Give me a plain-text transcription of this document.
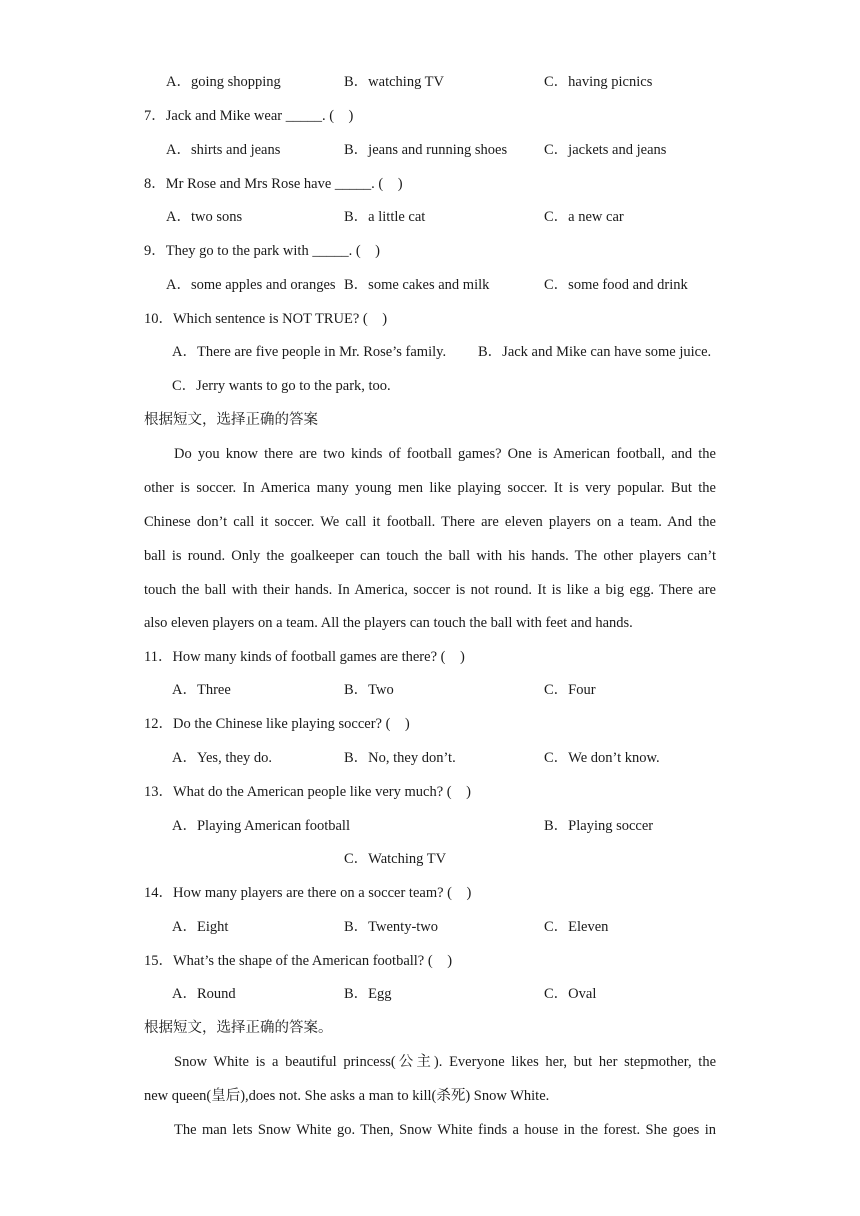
A．going shopping	B．watching TV	C．having picnics
7．Jack and Mike wear _____. (　)
A．shirts and jeans	B．jeans and running shoes	C．jackets and jeans
8．Mr Rose and Mrs Rose have _____. (　)
A．two sons	B．a little cat	C．a new car
9．They go to the park with _____. (　)
A．some apples and oranges B．some cakes and milk	C．some food and drink
10．Which sentence is NOT TRUE? (　)
A．There are five people in Mr. Rose’s family. B．Jack and Mike can have some juice.
C．Jerry wants to go to the park, too.
根据短文，选择正确的答案
Do you know there are two kinds of football games? One is American football, and the
other is soccer. In America many young men like playing soccer. It is very popular. But the
Chinese don’t call it soccer. We call it football. There are eleven players on a team. And the
ball is round. Only the goalkeeper can touch the ball with his hands. The other players can’t
touch the ball with their hands. In America, soccer is not round. It is like a big egg. There are
also eleven players on a team. All the players can touch the ball with feet and hands.
11．How many kinds of football games are there? (　)
A．Three	B．Two	C．Four
12．Do the Chinese like playing soccer? (　)
A．Yes, they do.	B．No, they don’t.	C．We don’t know.
13．What do the American people like very much? (　)
A．Playing American football	B．Playing soccer
C．Watching TV
14．How many players are there on a soccer team? (　)
A．Eight	B．Twenty-two	C．Eleven
15．What’s the shape of the American football? (　)
A．Round	B．Egg	C．Oval
根据短文，选择正确的答案。
Snow White is a beautiful princess(公主). Everyone likes her, but her stepmother, the
new queen(皇后),does not. She asks a man to kill(杀死) Snow White.
The man lets Snow White go. Then, Snow White finds a house in the forest. She goes in
